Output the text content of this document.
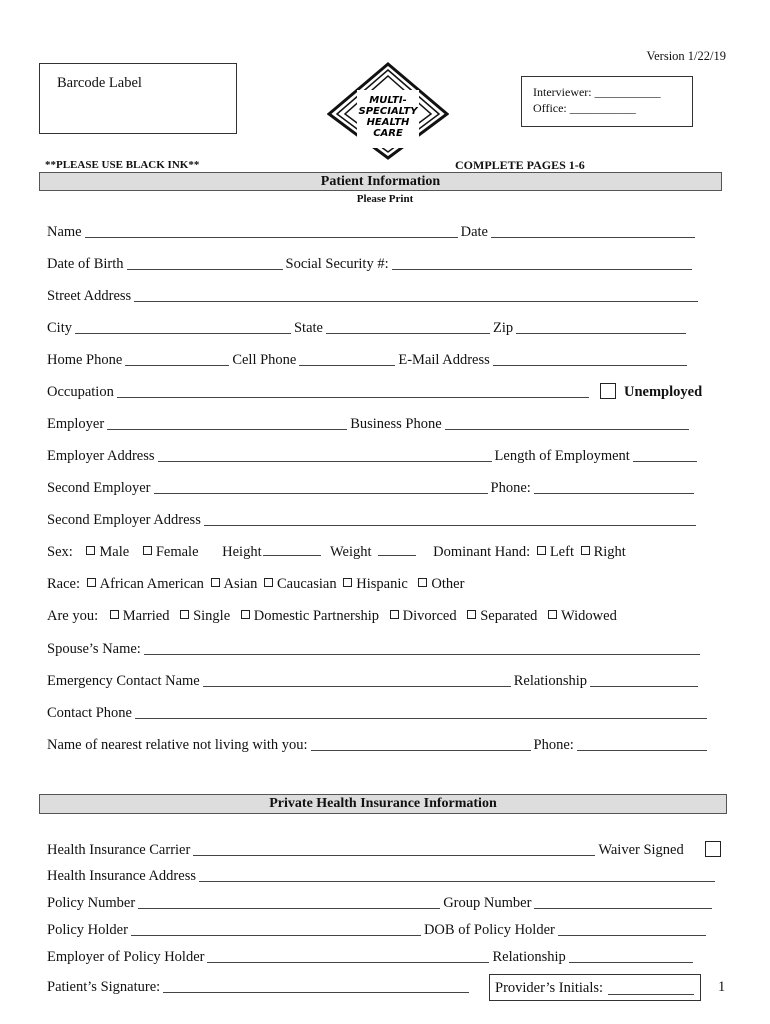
Version 1/22/19
Barcode Label
MULTI-
SPECIALTY
HEALTH
CARE
Interviewer: ___________
Office: ___________
**PLEASE USE BLACK INK**	COMPLETE PAGES 1-6
Patient Information
Please Print
Name	Date
Date of Birth	Social Security #:
Street Address
City	State	Zip
Home Phone	Cell Phone	E-Mail Address
Occupation	Unemployed
Employer	Business Phone
Employer Address	Length of Employment
Second Employer	Phone:
Second Employer Address
Sex: Male Female Height	Weight	Dominant Hand: Left Right
Race: African American Asian Caucasian Hispanic Other
Are you: Married Single Domestic Partnership Divorced Separated Widowed
Spouse’s Name:
Emergency Contact Name	Relationship
Contact Phone
Name of nearest relative not living with you:	Phone:
Private Health Insurance Information
Health Insurance Carrier	Waiver Signed
Health Insurance Address
Policy Number	Group Number
Policy Holder	DOB of Policy Holder
Employer of Policy Holder	Relationship
Patient’s Signature:	Provider’s Initials:	1
